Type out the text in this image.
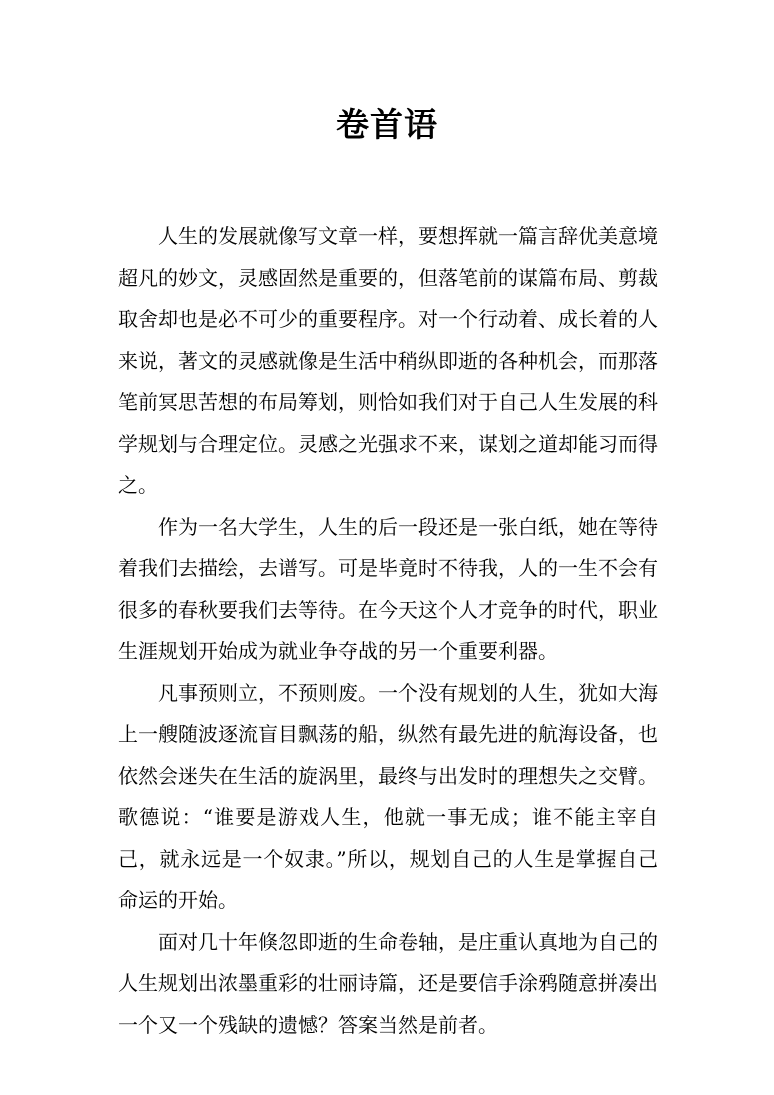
卷首语

人生的发展就像写文章一样，要想挥就一篇言辞优美意境超凡的妙文，灵感固然是重要的，但落笔前的谋篇布局、剪裁取舍却也是必不可少的重要程序。对一个行动着、成长着的人来说，著文的灵感就像是生活中稍纵即逝的各种机会，而那落笔前冥思苦想的布局筹划，则恰如我们对于自己人生发展的科学规划与合理定位。灵感之光强求不来，谋划之道却能习而得之。

作为一名大学生，人生的后一段还是一张白纸，她在等待着我们去描绘，去谱写。可是毕竟时不待我，人的一生不会有很多的春秋要我们去等待。在今天这个人才竞争的时代，职业生涯规划开始成为就业争夺战的另一个重要利器。

凡事预则立，不预则废。一个没有规划的人生，犹如大海上一艘随波逐流盲目飘荡的船，纵然有最先进的航海设备，也依然会迷失在生活的旋涡里，最终与出发时的理想失之交臂。歌德说：“谁要是游戏人生，他就一事无成；谁不能主宰自己，就永远是一个奴隶。”所以，规划自己的人生是掌握自己命运的开始。

面对几十年倏忽即逝的生命卷轴，是庄重认真地为自己的人生规划出浓墨重彩的壮丽诗篇，还是要信手涂鸦随意拼凑出一个又一个残缺的遗憾？答案当然是前者。
